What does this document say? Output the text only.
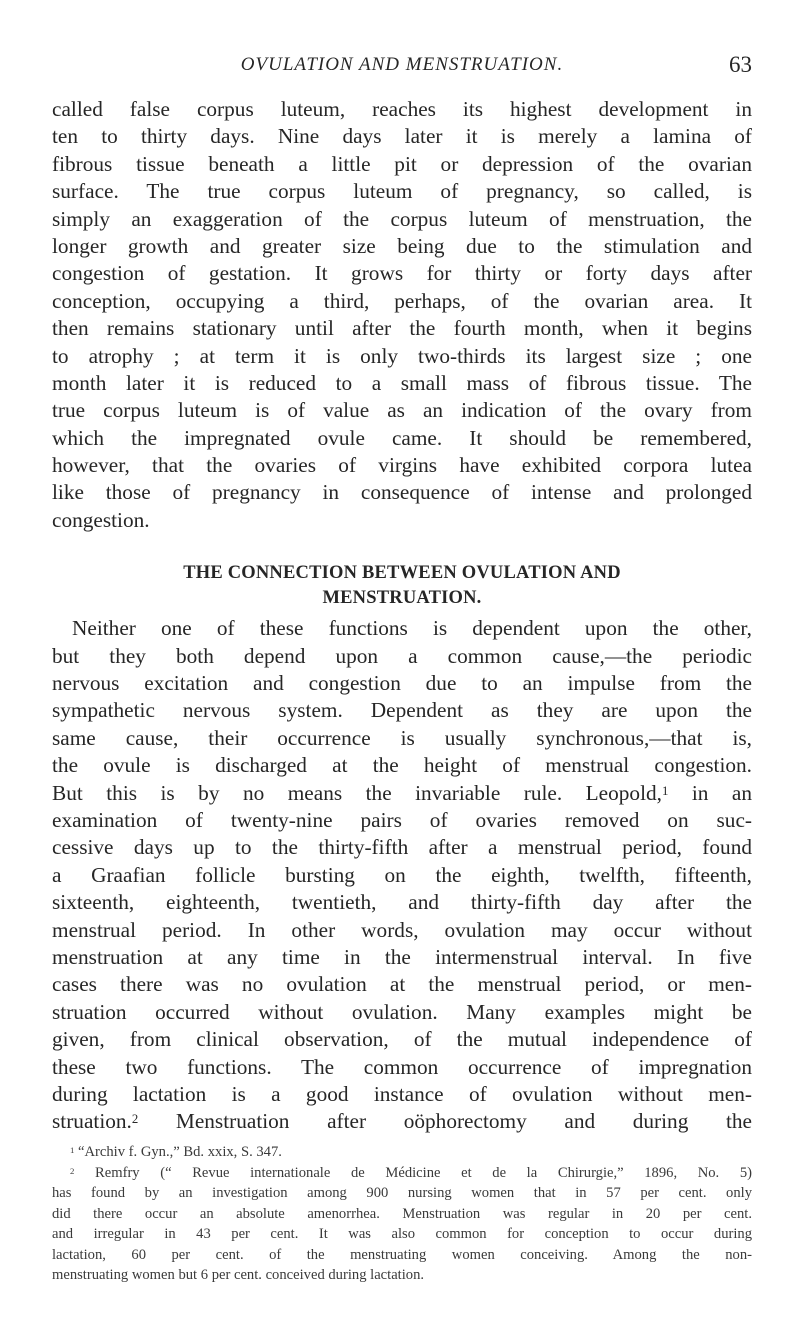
OVULATION AND MENSTRUATION.	63
called false corpus luteum, reaches its highest development in
ten to thirty days. Nine days later it is merely a lamina of
fibrous tissue beneath a little pit or depression of the ovarian
surface. The true corpus luteum of pregnancy, so called, is
simply an exaggeration of the corpus luteum of menstruation, the
longer growth and greater size being due to the stimulation and
congestion of gestation. It grows for thirty or forty days after
conception, occupying a third, perhaps, of the ovarian area. It
then remains stationary until after the fourth month, when it begins
to atrophy ; at term it is only two-thirds its largest size ; one
month later it is reduced to a small mass of fibrous tissue. The
true corpus luteum is of value as an indication of the ovary from
which the impregnated ovule came. It should be remembered,
however, that the ovaries of virgins have exhibited corpora lutea
like those of pregnancy in consequence of intense and prolonged
congestion.
THE CONNECTION BETWEEN OVULATION AND
MENSTRUATION.
Neither one of these functions is dependent upon the other,
but they both depend upon a common cause,—the periodic
nervous excitation and congestion due to an impulse from the
sympathetic nervous system. Dependent as they are upon the
same cause, their occurrence is usually synchronous,—that is,
the ovule is discharged at the height of menstrual congestion.
But this is by no means the invariable rule. Leopold,$^1$ in an
examination of twenty-nine pairs of ovaries removed on suc-
cessive days up to the thirty-fifth after a menstrual period, found
a Graafian follicle bursting on the eighth, twelfth, fifteenth,
sixteenth, eighteenth, twentieth, and thirty-fifth day after the
menstrual period. In other words, ovulation may occur without
menstruation at any time in the intermenstrual interval. In five
cases there was no ovulation at the menstrual period, or men-
struation occurred without ovulation. Many examples might be
given, from clinical observation, of the mutual independence of
these two functions. The common occurrence of impregnation
during lactation is a good instance of ovulation without men-
struation.$^2$ Menstruation after oöphorectomy and during the
$^1$ “Archiv f. Gyn.,” Bd. xxix, S. 347.
$^2$ Remfry (“ Revue internationale de Médicine et de la Chirurgie,” 1896, No. 5)
has found by an investigation among 900 nursing women that in 57 per cent. only
did there occur an absolute amenorrhea. Menstruation was regular in 20 per cent.
and irregular in 43 per cent. It was also common for conception to occur during
lactation, 60 per cent. of the menstruating women conceiving. Among the non-
menstruating women but 6 per cent. conceived during lactation.
